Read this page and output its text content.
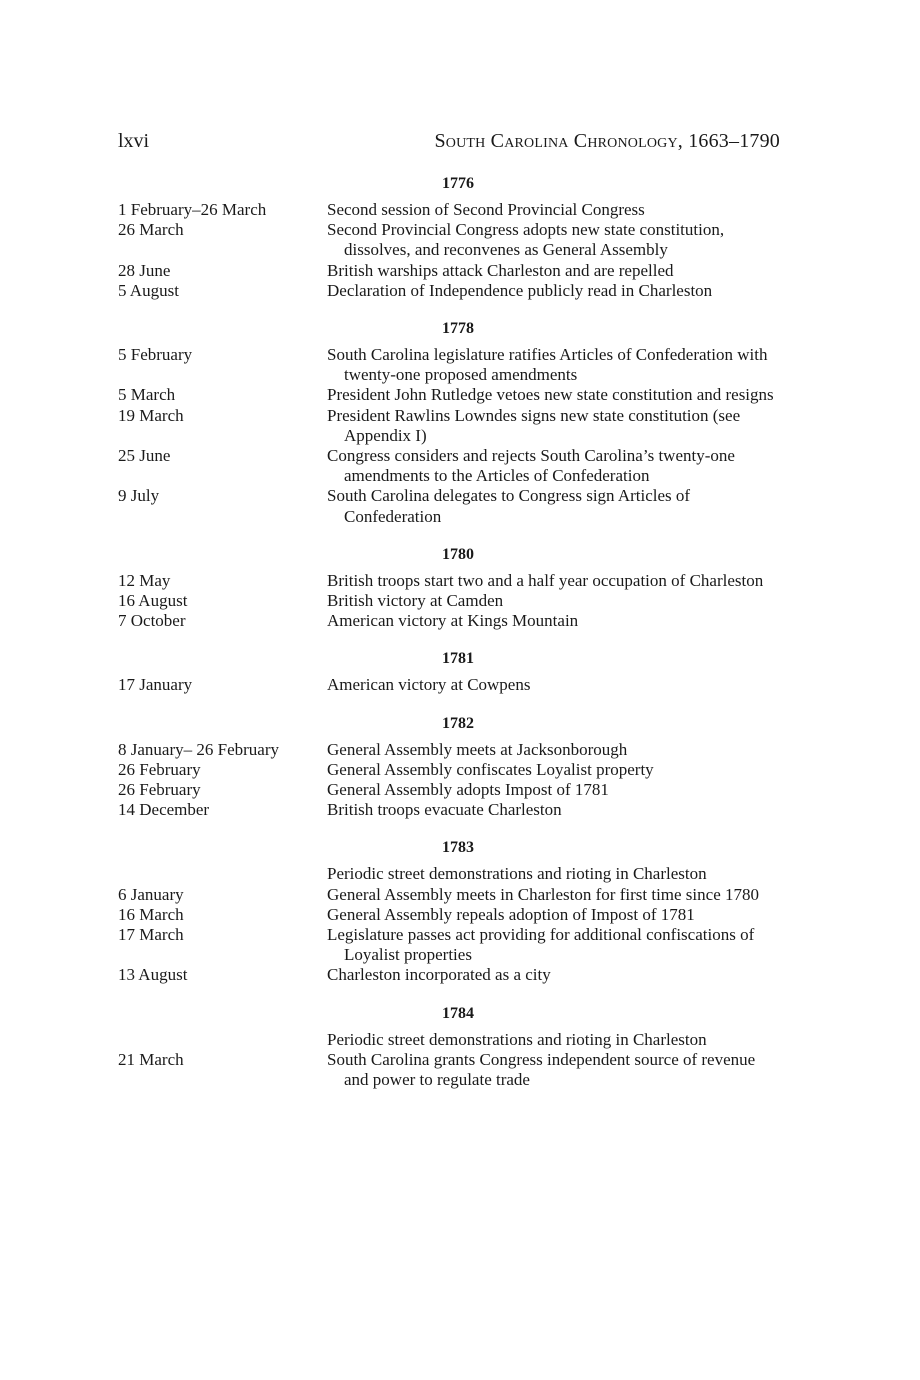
lxvi	South Carolina Chronology, 1663–1790
1776
1 February–26 March	Second session of Second Provincial Congress
26 March	Second Provincial Congress adopts new state constitution, dissolves, and reconvenes as General Assembly
28 June	British warships attack Charleston and are repelled
5 August	Declaration of Independence publicly read in Charleston
1778
5 February	South Carolina legislature ratifies Articles of Confederation with twenty-one proposed amendments
5 March	President John Rutledge vetoes new state constitution and resigns
19 March	President Rawlins Lowndes signs new state constitution (see Appendix I)
25 June	Congress considers and rejects South Carolina’s twenty-one amendments to the Articles of Confederation
9 July	South Carolina delegates to Congress sign Articles of Confederation
1780
12 May	British troops start two and a half year occupation of Charleston
16 August	British victory at Camden
7 October	American victory at Kings Mountain
1781
17 January	American victory at Cowpens
1782
8 January– 26 February	General Assembly meets at Jacksonborough
26 February	General Assembly confiscates Loyalist property
26 February	General Assembly adopts Impost of 1781
14 December	British troops evacuate Charleston
1783
Periodic street demonstrations and rioting in Charleston
6 January	General Assembly meets in Charleston for first time since 1780
16 March	General Assembly repeals adoption of Impost of 1781
17 March	Legislature passes act providing for additional confiscations of Loyalist properties
13 August	Charleston incorporated as a city
1784
Periodic street demonstrations and rioting in Charleston
21 March	South Carolina grants Congress independent source of revenue and power to regulate trade
